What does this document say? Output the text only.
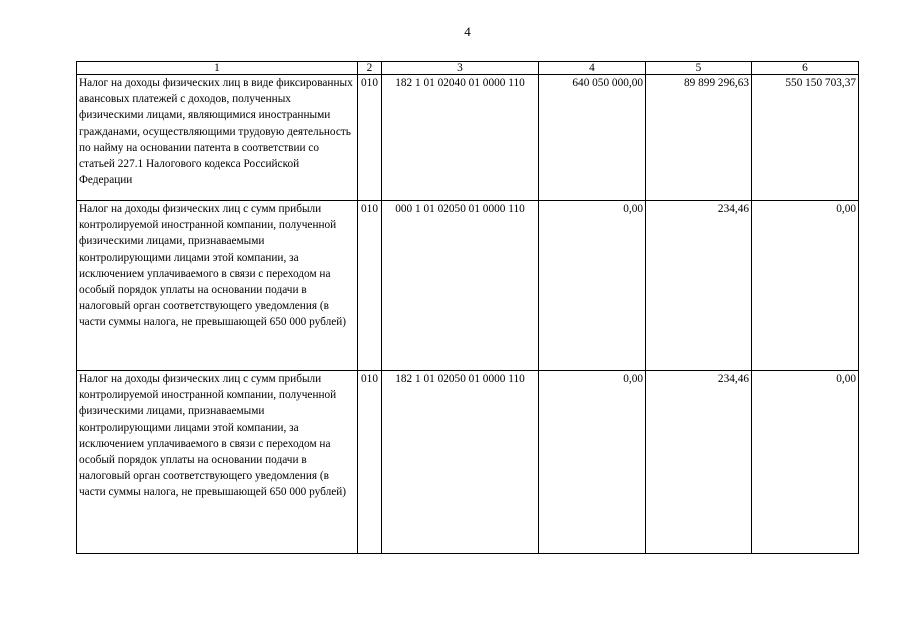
4
1	2	3	4	5	6
Налог на доходы физических лиц в виде фиксированных авансовых платежей с доходов, полученных физическими лицами, являющимися иностранными гражданами, осуществляющими трудовую деятельность по найму на основании патента в соответствии со статьей 227.1 Налогового кодекса Российской Федерации	010	182 1 01 02040 01 0000 110	640 050 000,00	89 899 296,63	550 150 703,37
Налог на доходы физических лиц с сумм прибыли контролируемой иностранной компании, полученной физическими лицами, признаваемыми контролирующими лицами этой компании, за исключением уплачиваемого в связи с переходом на особый порядок уплаты на основании подачи в налоговый орган соответствующего уведомления (в части суммы налога, не превышающей 650 000 рублей)	010	000 1 01 02050 01 0000 110	0,00	234,46	0,00
Налог на доходы физических лиц с сумм прибыли контролируемой иностранной компании, полученной физическими лицами, признаваемыми контролирующими лицами этой компании, за исключением уплачиваемого в связи с переходом на особый порядок уплаты на основании подачи в налоговый орган соответствующего уведомления (в части суммы налога, не превышающей 650 000 рублей)	010	182 1 01 02050 01 0000 110	0,00	234,46	0,00
